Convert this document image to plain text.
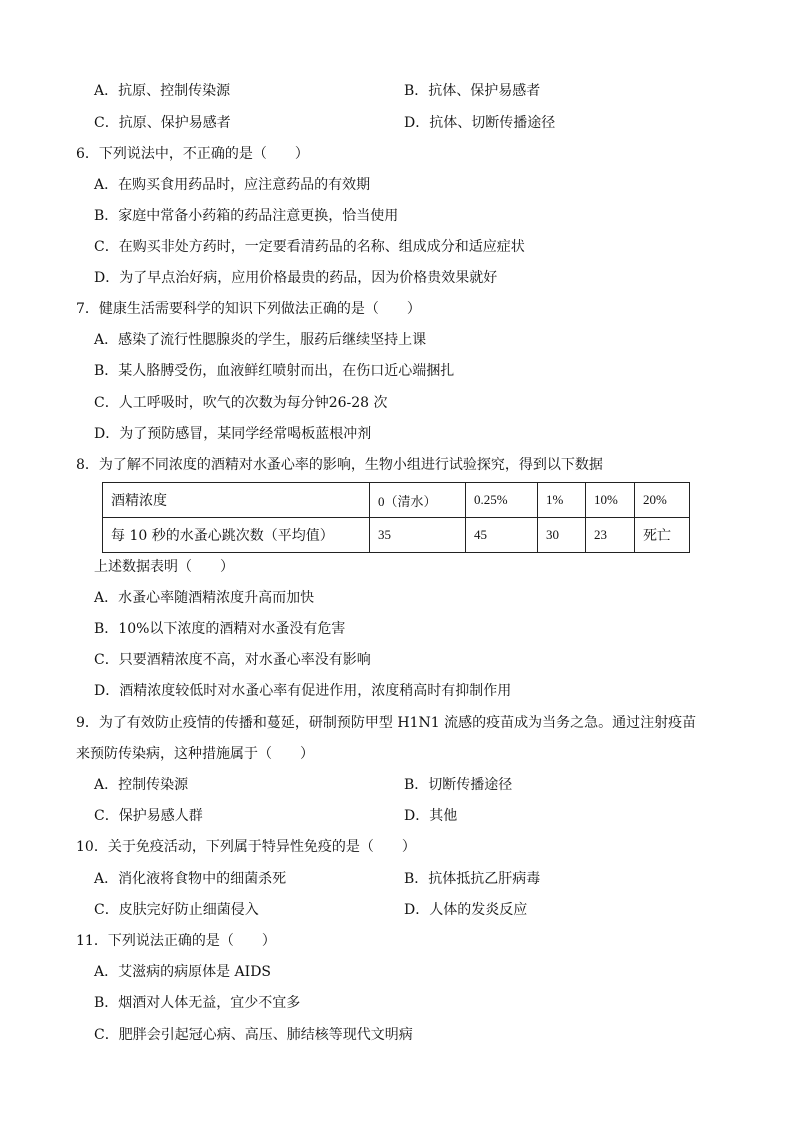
A．抗原、控制传染源	B．抗体、保护易感者
C．抗原、保护易感者	D．抗体、切断传播途径
6．下列说法中，不正确的是（　　）
A．在购买食用药品时，应注意药品的有效期
B．家庭中常备小药箱的药品注意更换，恰当使用
C．在购买非处方药时，一定要看清药品的名称、组成成分和适应症状
D．为了早点治好病，应用价格最贵的药品，因为价格贵效果就好
7．健康生活需要科学的知识下列做法正确的是（　　）
A．感染了流行性腮腺炎的学生，服药后继续坚持上课
B．某人胳膊受伤，血液鲜红喷射而出，在伤口近心端捆扎
C．人工呼吸时，吹气的次数为每分钟26-28 次
D．为了预防感冒，某同学经常喝板蓝根冲剂
8．为了解不同浓度的酒精对水蚤心率的影响，生物小组进行试验探究，得到以下数据
酒精浓度	0（清水）	0.25%	1%	10%	20%
每 10 秒的水蚤心跳次数（平均值）	35	45	30	23	死亡
上述数据表明（　　）
A．水蚤心率随酒精浓度升高而加快
B．10%以下浓度的酒精对水蚤没有危害
C．只要酒精浓度不高，对水蚤心率没有影响
D．酒精浓度较低时对水蚤心率有促进作用，浓度稍高时有抑制作用
9．为了有效防止疫情的传播和蔓延，研制预防甲型 H1N1 流感的疫苗成为当务之急。通过注射疫苗
来预防传染病，这种措施属于（　　）
A．控制传染源	B．切断传播途径
C．保护易感人群	D．其他
10．关于免疫活动，下列属于特异性免疫的是（　　）
A．消化液将食物中的细菌杀死	B．抗体抵抗乙肝病毒
C．皮肤完好防止细菌侵入	D．人体的发炎反应
11．下列说法正确的是（　　）
A．艾滋病的病原体是 AIDS
B．烟酒对人体无益，宜少不宜多
C．肥胖会引起冠心病、高压、肺结核等现代文明病
